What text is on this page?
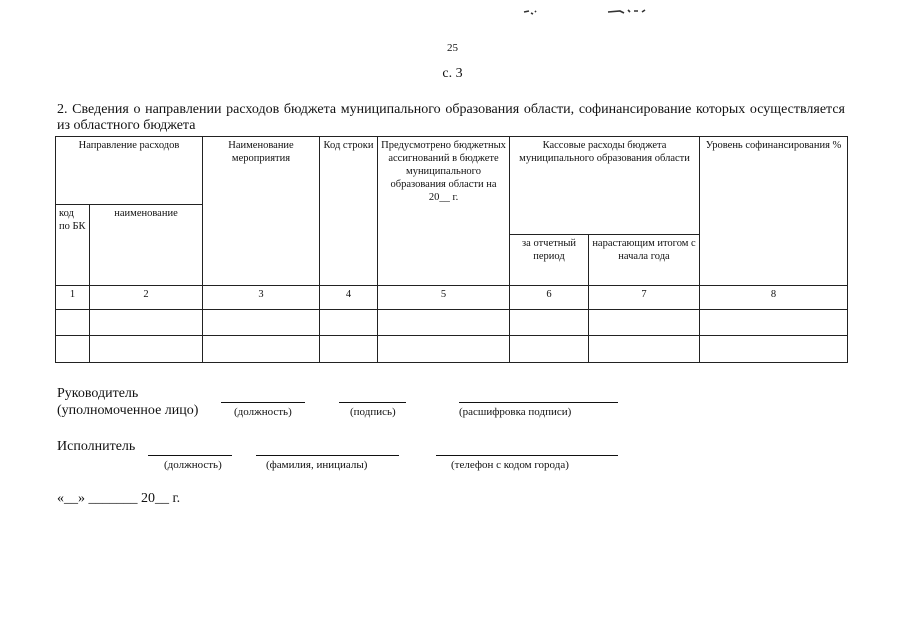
25
с. 3
2. Сведения о направлении расходов бюджета муниципального образования области, софинансирование которых осуществляется из областного бюджета
Направление расходов		Наименование мероприятия	Код строки	Предусмотрено бюджетных ассигнований в бюджете муниципального образования области на 20__ г.	Кассовые расходы бюджета муниципального образования области		Уровень софинансирования %
код по БК	наименование						
					за отчетный период	нарастающим итогом с начала года	
1	2	3	4	5	6	7	8

Руководитель
(уполномоченное лицо)	(должность)	(подпись)	(расшифровка подписи)
Исполнитель
(должность)	(фамилия, инициалы)	(телефон с кодом города)
«__» _______ 20__ г.
